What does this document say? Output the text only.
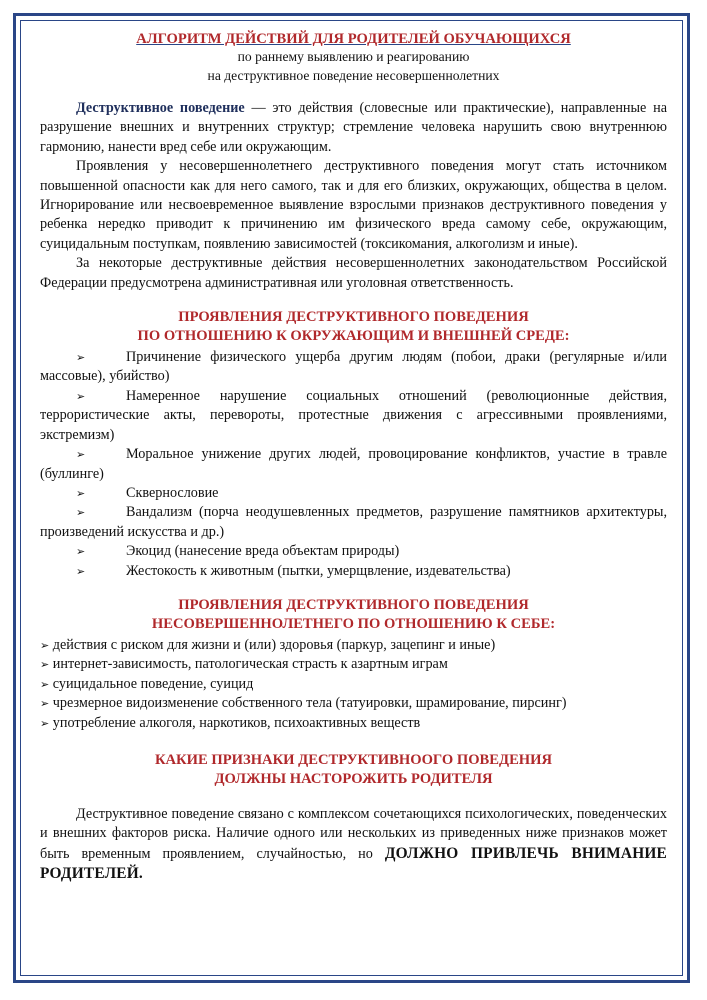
АЛГОРИТМ ДЕЙСТВИЙ ДЛЯ РОДИТЕЛЕЙ ОБУЧАЮЩИХСЯ
по раннему выявлению и реагированию
на деструктивное поведение несовершеннолетних

Деструктивное поведение — это действия (словесные или практические), направленные на разрушение внешних и внутренних структур; стремление человека нарушить свою внутреннюю гармонию, нанести вред себе или окружающим.

Проявления у несовершеннолетнего деструктивного поведения могут стать источником повышенной опасности как для него самого, так и для его близких, окружающих, общества в целом. Игнорирование или несвоевременное выявление взрослыми признаков деструктивного поведения у ребенка нередко приводит к причинению им физического вреда самому себе, окружающим, суицидальным поступкам, появлению зависимостей (токсикомания, алкоголизм и иные).

За некоторые деструктивные действия несовершеннолетних законодательством Российской Федерации предусмотрена административная или уголовная ответственность.

ПРОЯВЛЕНИЯ ДЕСТРУКТИВНОГО ПОВЕДЕНИЯ
ПО ОТНОШЕНИЮ К ОКРУЖАЮЩИМ И ВНЕШНЕЙ СРЕДЕ:
➢	Причинение физического ущерба другим людям (побои, драки (регулярные и/или массовые), убийство)
➢	Намеренное нарушение социальных отношений (революционные действия, террористические акты, перевороты, протестные движения с агрессивными проявлениями, экстремизм)
➢	Моральное унижение других людей, провоцирование конфликтов, участие в травле (буллинге)
➢	Сквернословие
➢	Вандализм (порча неодушевленных предметов, разрушение памятников архитектуры, произведений искусства и др.)
➢	Экоцид (нанесение вреда объектам природы)
➢	Жестокость к животным (пытки, умерщвление, издевательства)
ПРОЯВЛЕНИЯ ДЕСТРУКТИВНОГО ПОВЕДЕНИЯ
НЕСОВЕРШЕННОЛЕТНЕГО ПО ОТНОШЕНИЮ К СЕБЕ:
➢ действия с риском для жизни и (или) здоровья (паркур, зацепинг и иные)
➢ интернет-зависимость, патологическая страсть к азартным играм
➢ суицидальное поведение, суицид
➢ чрезмерное видоизменение собственного тела (татуировки, шрамирование, пирсинг)
➢ употребление алкоголя, наркотиков, психоактивных веществ
КАКИЕ ПРИЗНАКИ ДЕСТРУКТИВНООГО ПОВЕДЕНИЯ
ДОЛЖНЫ НАСТОРОЖИТЬ РОДИТЕЛЯ

Деструктивное поведение связано с комплексом сочетающихся психологических, поведенческих и внешних факторов риска. Наличие одного или нескольких из приведенных ниже признаков может быть временным проявлением, случайностью, но ДОЛЖНО ПРИВЛЕЧЬ ВНИМАНИЕ РОДИТЕЛЕЙ.
